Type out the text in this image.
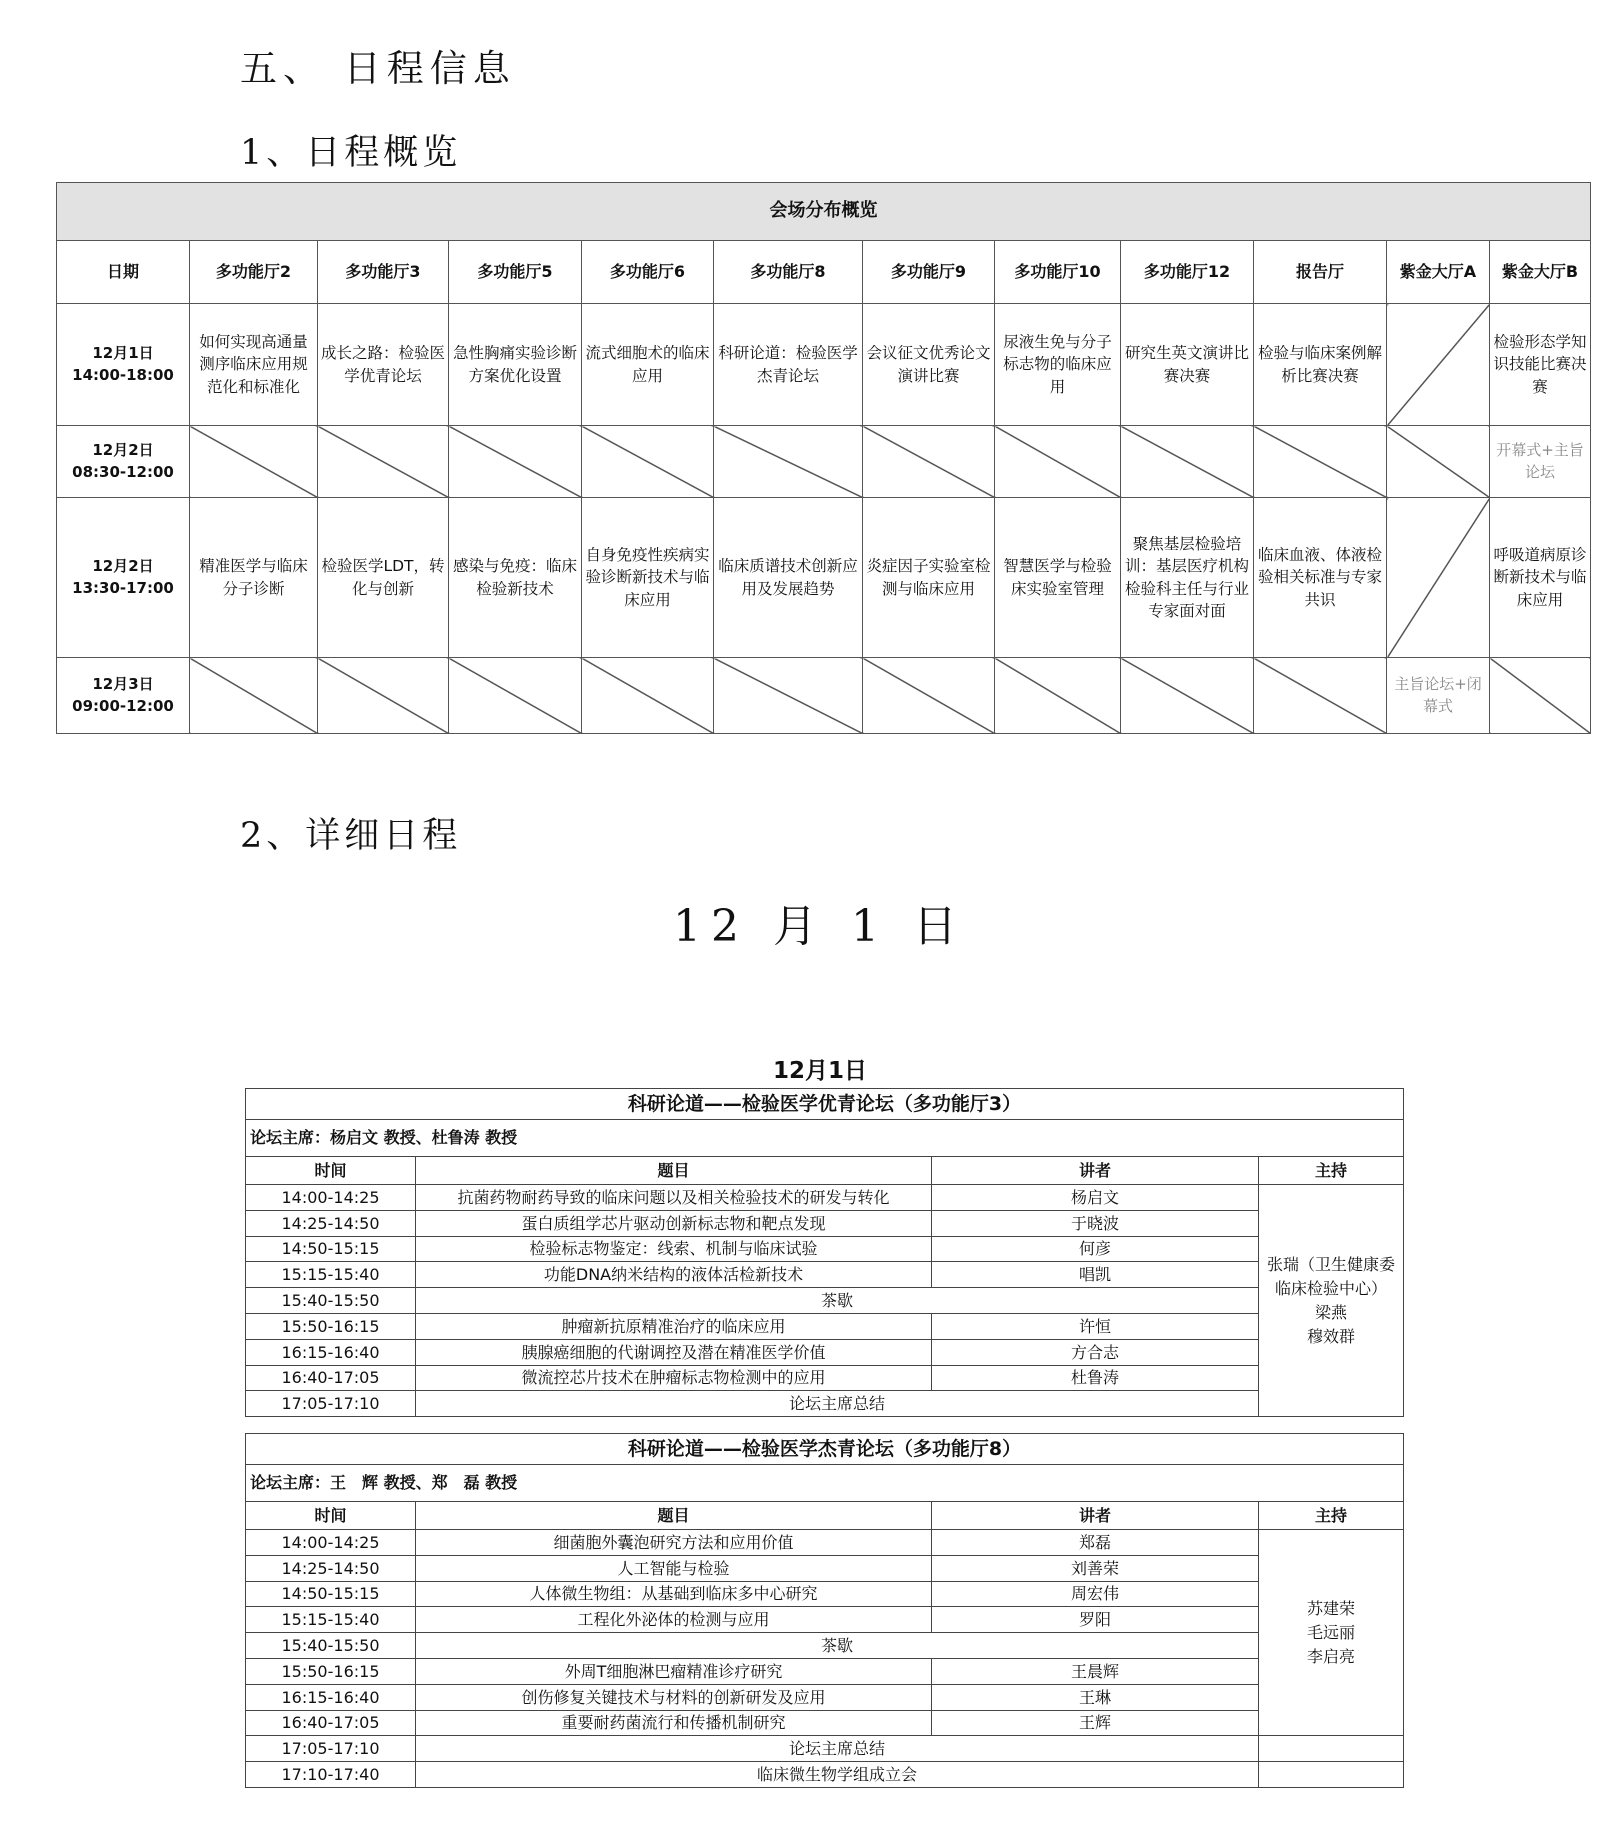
五、 日程信息
1、日程概览
会场分布概览											
日期	多功能厅2	多功能厅3	多功能厅5	多功能厅6	多功能厅8	多功能厅9	多功能厅10	多功能厅12	报告厅	紫金大厅A	紫金大厅B

12月1日
14:00-18:00	如何实现高通量测序临床应用规范化和标准化	成长之路：检验医学优青论坛	急性胸痛实验诊断方案优化设置	流式细胞术的临床应用	科研论道：检验医学杰青论坛	会议征文优秀论文演讲比赛	尿液生免与分子标志物的临床应用	研究生英文演讲比赛决赛	检验与临床案例解析比赛决赛		检验形态学知识技能比赛决赛

12月2日
08:30-12:00											开幕式+主旨论坛

12月2日
13:30-17:00	精准医学与临床分子诊断	检验医学LDT，转化与创新	感染与免疫：临床检验新技术	自身免疫性疾病实验诊断新技术与临床应用	临床质谱技术创新应用及发展趋势	炎症因子实验室检测与临床应用	智慧医学与检验床实验室管理	聚焦基层检验培训：基层医疗机构检验科主任与行业专家面对面	临床血液、体液检验相关标准与专家共识		呼吸道病原诊断新技术与临床应用

12月3日
09:00-12:00										主旨论坛+闭幕式	
2、详细日程
12 月 1 日
12月1日
科研论道——检验医学优青论坛（多功能厅3）			
论坛主席：杨启文 教授、杜鲁涛 教授			
时间	题目	讲者	主持
14:00-14:25	抗菌药物耐药导致的临床问题以及相关检验技术的研发与转化	杨启文	张瑞（卫生健康委临床检验中心）
梁燕
穆效群

14:25-14:50	蛋白质组学芯片驱动创新标志物和靶点发现	于晓波	
14:50-15:15	检验标志物鉴定：线索、机制与临床试验	何彦	
15:15-15:40	功能DNA纳米结构的液体活检新技术	唱凯	
15:40-15:50	茶歇		
15:50-16:15	肿瘤新抗原精准治疗的临床应用	许恒	
16:15-16:40	胰腺癌细胞的代谢调控及潜在精准医学价值	方合志	
16:40-17:05	微流控芯片技术在肿瘤标志物检测中的应用	杜鲁涛	
17:05-17:10	论坛主席总结		
科研论道——检验医学杰青论坛（多功能厅8）			
论坛主席：王　辉 教授、郑　磊 教授			
时间	题目	讲者	主持
14:00-14:25	细菌胞外囊泡研究方法和应用价值	郑磊	苏建荣
毛远丽
李启亮

14:25-14:50	人工智能与检验	刘善荣	
14:50-15:15	人体微生物组：从基础到临床多中心研究	周宏伟	
15:15-15:40	工程化外泌体的检测与应用	罗阳	
15:40-15:50	茶歇		
15:50-16:15	外周T细胞淋巴瘤精准诊疗研究	王晨辉	
16:15-16:40	创伤修复关键技术与材料的创新研发及应用	王琳	
16:40-17:05	重要耐药菌流行和传播机制研究	王辉	
17:05-17:10	论坛主席总结		
17:10-17:40	临床微生物学组成立会		
